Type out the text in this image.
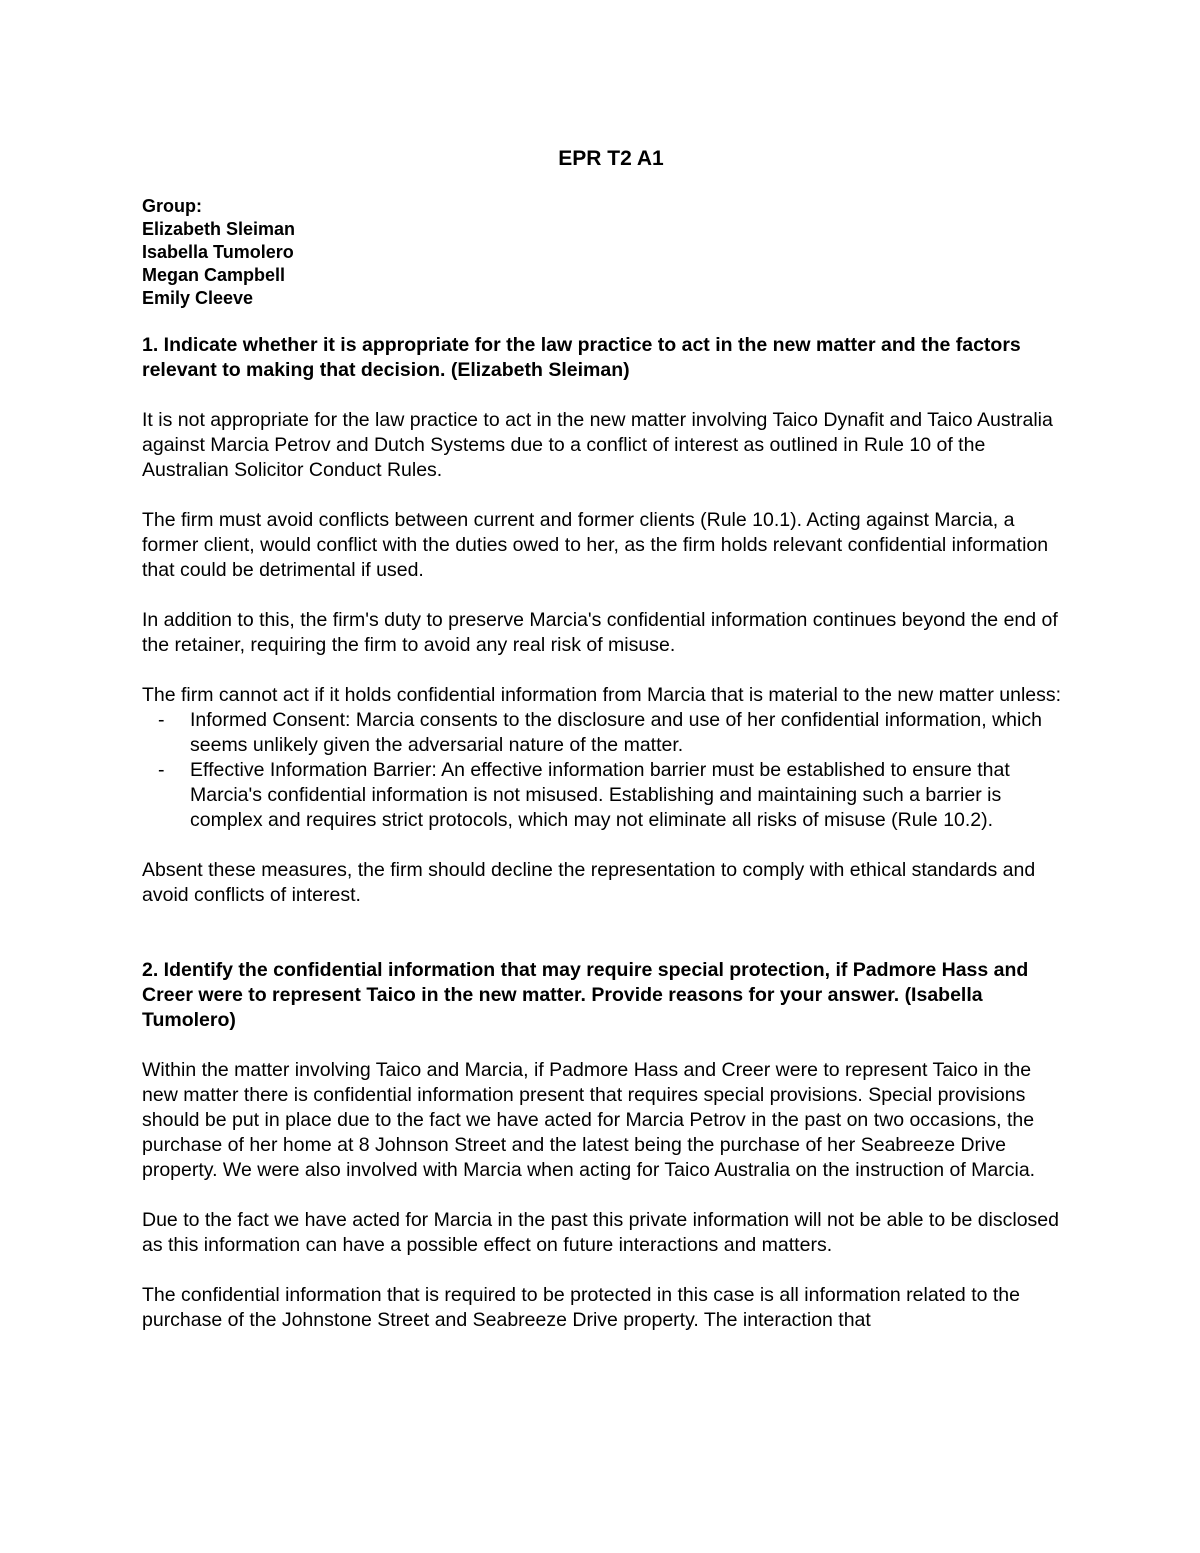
EPR T2 A1
Group:
Elizabeth Sleiman
Isabella Tumolero
Megan Campbell
Emily Cleeve
1. Indicate whether it is appropriate for the law practice to act in the new matter and the factors relevant to making that decision. (Elizabeth Sleiman)

It is not appropriate for the law practice to act in the new matter involving Taico Dynafit and Taico Australia against Marcia Petrov and Dutch Systems due to a conflict of interest as outlined in Rule 10 of the Australian Solicitor Conduct Rules.

The firm must avoid conflicts between current and former clients (Rule 10.1). Acting against Marcia, a former client, would conflict with the duties owed to her, as the firm holds relevant confidential information that could be detrimental if used.

In addition to this, the firm's duty to preserve Marcia's confidential information continues beyond the end of the retainer, requiring the firm to avoid any real risk of misuse.

The firm cannot act if it holds confidential information from Marcia that is material to the new matter unless:

- Informed Consent: Marcia consents to the disclosure and use of her confidential information, which seems unlikely given the adversarial nature of the matter.
- Effective Information Barrier: An effective information barrier must be established to ensure that Marcia's confidential information is not misused. Establishing and maintaining such a barrier is complex and requires strict protocols, which may not eliminate all risks of misuse (Rule 10.2).

Absent these measures, the firm should decline the representation to comply with ethical standards and avoid conflicts of interest.

2. Identify the confidential information that may require special protection, if Padmore Hass and Creer were to represent Taico in the new matter. Provide reasons for your answer. (Isabella Tumolero)

Within the matter involving Taico and Marcia, if Padmore Hass and Creer were to represent Taico in the new matter there is confidential information present that requires special provisions. Special provisions should be put in place due to the fact we have acted for Marcia Petrov in the past on two occasions, the purchase of her home at 8 Johnson Street and the latest being the purchase of her Seabreeze Drive property. We were also involved with Marcia when acting for Taico Australia on the instruction of Marcia.

Due to the fact we have acted for Marcia in the past this private information will not be able to be disclosed as this information can have a possible effect on future interactions and matters.

The confidential information that is required to be protected in this case is all information related to the purchase of the Johnstone Street and Seabreeze Drive property. The interaction that
